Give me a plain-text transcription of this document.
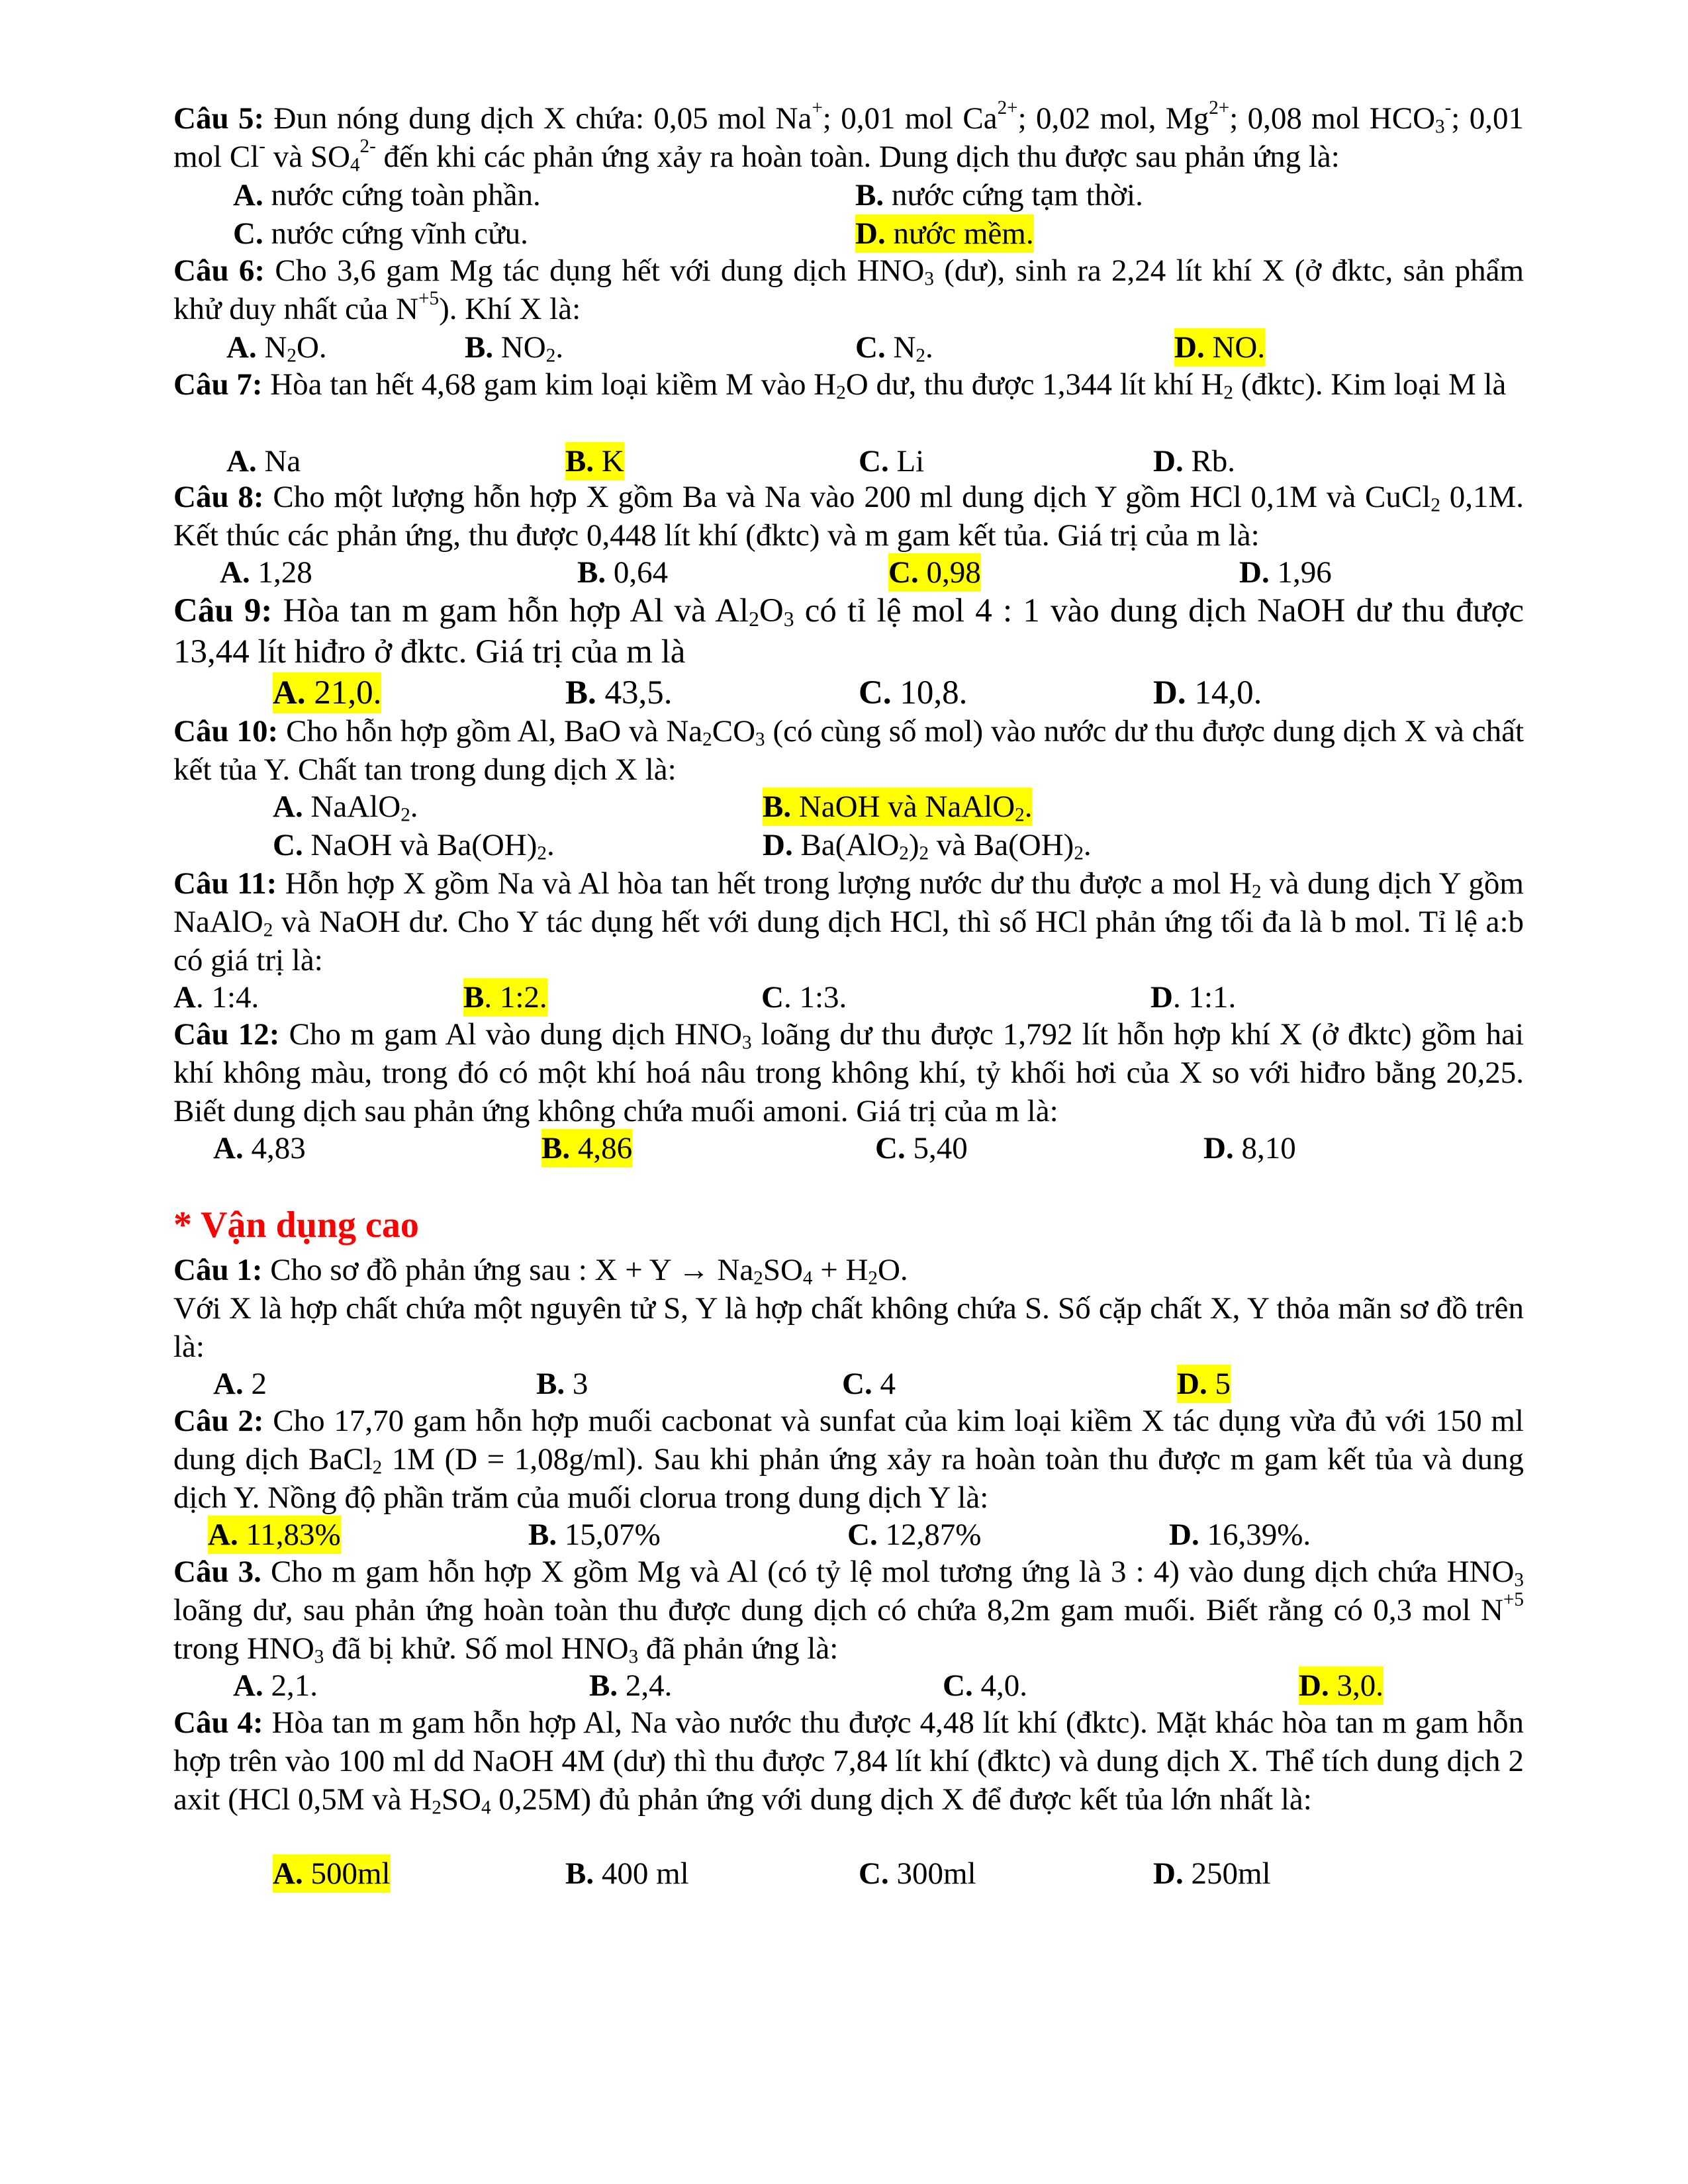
Câu 5: Đun nóng dung dịch X chứa: 0,05 mol Na+; 0,01 mol $Ca^{2+}$; 0,02 mol, $Mg^{2+}$; 0,08 mol $HCO_3^-$; 0,01 mol Cl- và $SO_4^{2-}$ đến khi các phản ứng xảy ra hoàn toàn. Dung dịch thu được sau phản ứng là:
A. nước cứng toàn phần.	B. nước cứng tạm thời.
C. nước cứng vĩnh cửu.	D. nước mềm.
Câu 6: Cho 3,6 gam Mg tác dụng hết với dung dịch $HNO_3$ (dư), sinh ra 2,24 lít khí X (ở đktc, sản phẩm khử duy nhất của $N^{+5}$). Khí X là:
A. $N_2O$.	B. $NO_2$.	C. $N_2$.	D. NO.
Câu 7: Hòa tan hết 4,68 gam kim loại kiềm M vào $H_2O$ dư, thu được 1,344 lít khí $H_2$ (đktc). Kim loại M là
A. Na	B. K	C. Li	D. Rb.
Câu 8: Cho một lượng hỗn hợp X gồm Ba và Na vào 200 ml dung dịch Y gồm HCl 0,1M và CuCl$_2$ 0,1M. Kết thúc các phản ứng, thu được 0,448 lít khí (đktc) và m gam kết tủa. Giá trị của m là:
A. 1,28	B. 0,64	C. 0,98	D. 1,96
Câu 9: Hòa tan m gam hỗn hợp Al và $Al_2O_3$ có tỉ lệ mol 4 : 1 vào dung dịch NaOH dư thu được 13,44 lít hiđro ở đktc. Giá trị của m là
A. 21,0.	B. 43,5.	C. 10,8.	D. 14,0.
Câu 10: Cho hỗn hợp gồm Al, BaO và $Na_2CO_3$ (có cùng số mol) vào nước dư thu được dung dịch X và chất kết tủa Y. Chất tan trong dung dịch X là:
A. NaAlO$_2$.	B. NaOH và NaAlO$_2$.
C. NaOH và $Ba(OH)_2$.	D. $Ba(AlO_2)_2$ và $Ba(OH)_2$.
Câu 11: Hỗn hợp X gồm Na và Al hòa tan hết trong lượng nước dư thu được a mol $H_2$ và dung dịch Y gồm NaAlO$_2$ và NaOH dư. Cho Y tác dụng hết với dung dịch HCl, thì số HCl phản ứng tối đa là b mol. Tỉ lệ a:b có giá trị là:
A. 1:4.	B. 1:2.	C. 1:3.	D. 1:1.
Câu 12: Cho m gam Al vào dung dịch $HNO_3$ loãng dư thu được 1,792 lít hỗn hợp khí X (ở đktc) gồm hai khí không màu, trong đó có một khí hoá nâu trong không khí, tỷ khối hơi của X so với hiđro bằng 20,25. Biết dung dịch sau phản ứng không chứa muối amoni. Giá trị của m là:
A. 4,83	B. 4,86	C. 5,40	D. 8,10
* Vận dụng cao
Câu 1: Cho sơ đồ phản ứng sau : $X + Y \to Na_2SO_4 + H_2O$.
Với X là hợp chất chứa một nguyên tử S, Y là hợp chất không chứa S. Số cặp chất X, Y thỏa mãn sơ đồ trên là:
A. 2	B. 3	C. 4	D. 5
Câu 2: Cho 17,70 gam hỗn hợp muối cacbonat và sunfat của kim loại kiềm X tác dụng vừa đủ với 150 ml dung dịch BaCl$_2$ 1M (D = 1,08g/ml). Sau khi phản ứng xảy ra hoàn toàn thu được m gam kết tủa và dung dịch Y. Nồng độ phần trăm của muối clorua trong dung dịch Y là:
A. 11,83%	B. 15,07%	C. 12,87%	D. 16,39%.
Câu 3. Cho m gam hỗn hợp X gồm Mg và Al (có tỷ lệ mol tương ứng là 3 : 4) vào dung dịch chứa $HNO_3$ loãng dư, sau phản ứng hoàn toàn thu được dung dịch có chứa 8,2m gam muối. Biết rằng có 0,3 mol $N^{+5}$ trong $HNO_3$ đã bị khử. Số mol $HNO_3$ đã phản ứng là:
A. 2,1.	B. 2,4.	C. 4,0.	D. 3,0.
Câu 4: Hòa tan m gam hỗn hợp Al, Na vào nước thu được 4,48 lít khí (đktc). Mặt khác hòa tan m gam hỗn hợp trên vào 100 ml dd NaOH 4M (dư) thì thu được 7,84 lít khí (đktc) và dung dịch X. Thể tích dung dịch 2 axit (HCl 0,5M và $H_2SO_4$ 0,25M) đủ phản ứng với dung dịch X để được kết tủa lớn nhất là:
A. 500ml	B. 400 ml	C. 300ml	D. 250ml
